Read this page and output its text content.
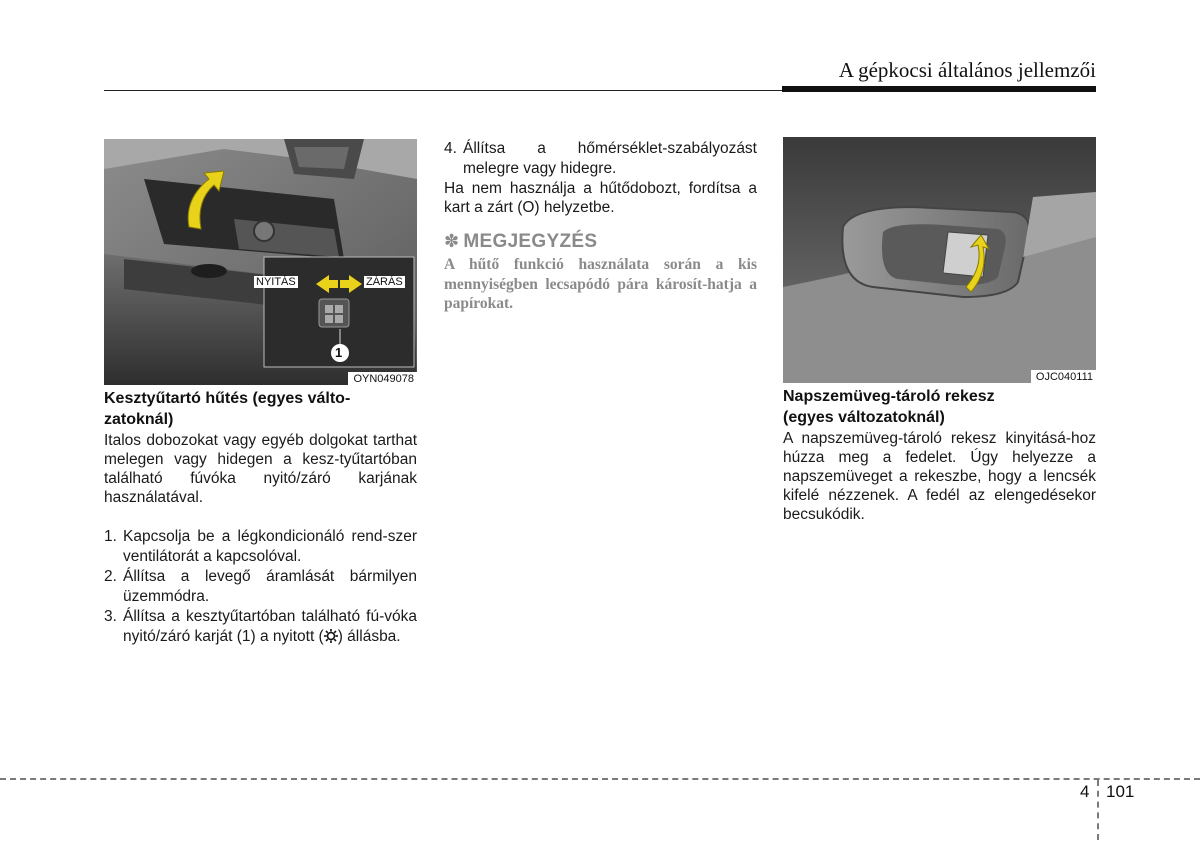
A gépkocsi általános jellemzői
NYITÁS	ZÁRÁS
1
OYN049078
Kesztyűtartó hűtés (egyes válto-
zatoknál)

Italos dobozokat vagy egyéb dolgokat tarthat melegen vagy hidegen a kesz-tyűtartóban található fúvóka nyitó/záró karjának használatával.

1. Kapcsolja be a légkondicionáló rend-szer ventilátorát a kapcsolóval.
2. Állítsa a levegő áramlását bármilyen üzemmódra.
3. Állítsa a kesztyűtartóban található fú-vóka nyitó/záró karját (1) a nyitott ( ) állásba.
4. Állítsa a hőmérséklet-szabályozást melegre vagy hidegre.

Ha nem használja a hűtődobozt, fordítsa a kart a zárt (O) helyzetbe.

✽ MEGJEGYZÉS

A hűtő funkció használata során a kis mennyiségben lecsapódó pára károsít-hatja a papírokat.

OJC040111
Napszemüveg-tároló rekesz
(egyes változatoknál)

A napszemüveg-tároló rekesz kinyitásá-hoz húzza meg a fedelet. Úgy helyezze a napszemüveget a rekeszbe, hogy a lencsék kifelé nézzenek. A fedél az elengedésekor becsukódik.

4 101
